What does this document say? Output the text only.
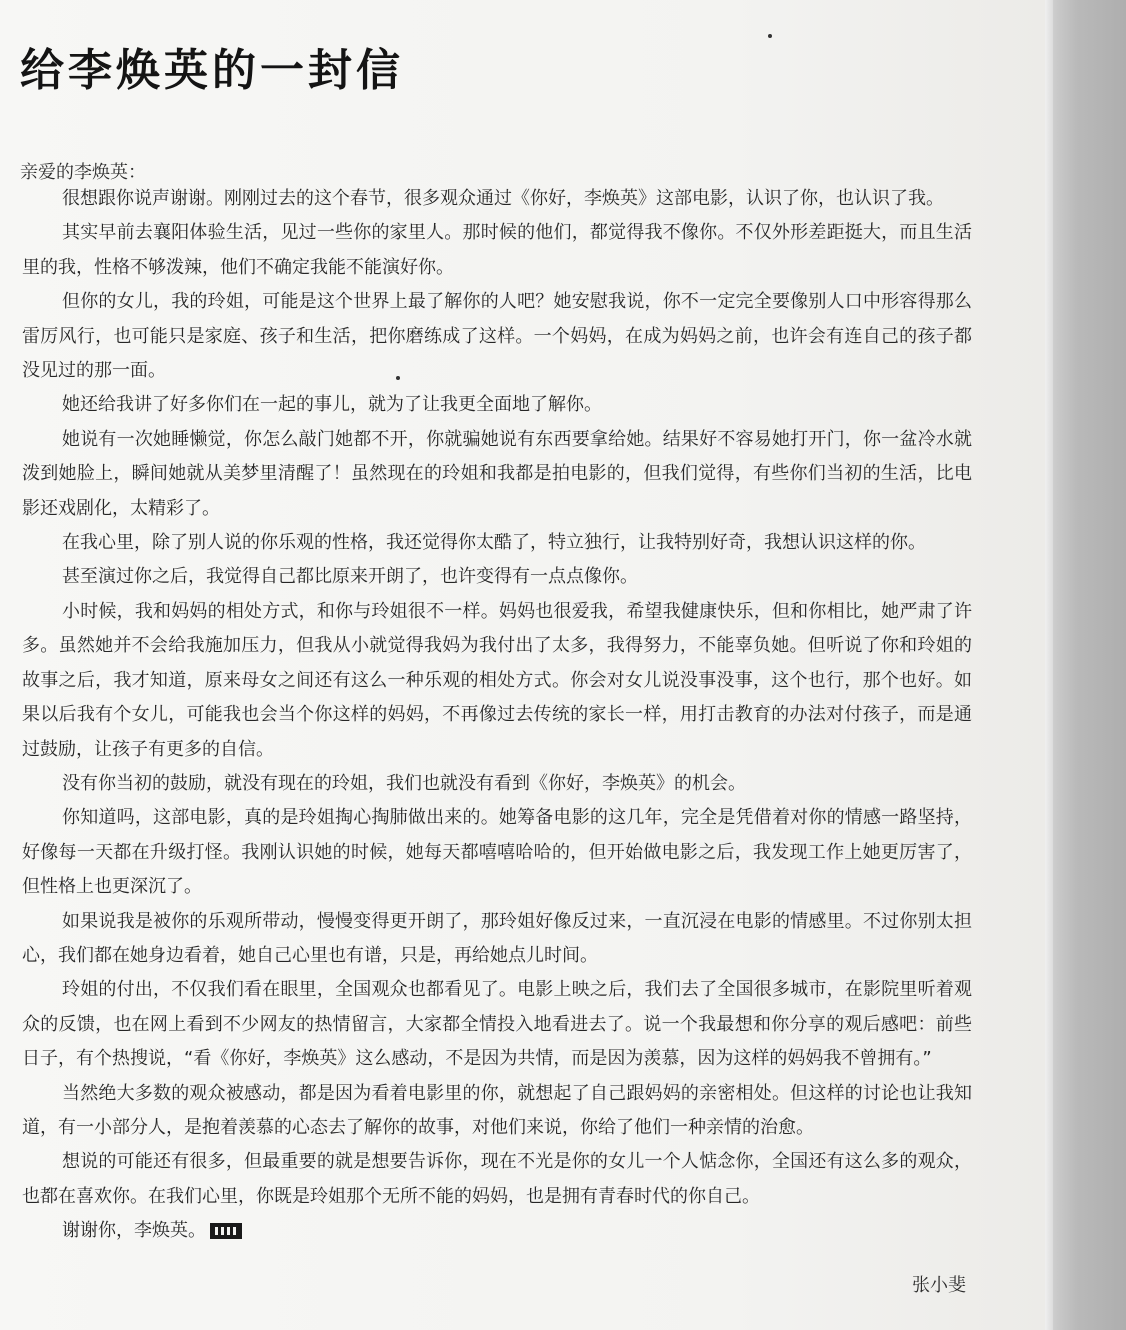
给李焕英的一封信
亲爱的李焕英：

很想跟你说声谢谢。刚刚过去的这个春节，很多观众通过《你好，李焕英》这部电影，认识了你，也认识了我。

其实早前去襄阳体验生活，见过一些你的家里人。那时候的他们，都觉得我不像你。不仅外形差距挺大，而且生活里的我，性格不够泼辣，他们不确定我能不能演好你。

但你的女儿，我的玲姐，可能是这个世界上最了解你的人吧？她安慰我说，你不一定完全要像别人口中形容得那么雷厉风行，也可能只是家庭、孩子和生活，把你磨练成了这样。一个妈妈，在成为妈妈之前，也许会有连自己的孩子都没见过的那一面。

她还给我讲了好多你们在一起的事儿，就为了让我更全面地了解你。

她说有一次她睡懒觉，你怎么敲门她都不开，你就骗她说有东西要拿给她。结果好不容易她打开门，你一盆冷水就泼到她脸上，瞬间她就从美梦里清醒了！虽然现在的玲姐和我都是拍电影的，但我们觉得，有些你们当初的生活，比电影还戏剧化，太精彩了。

在我心里，除了别人说的你乐观的性格，我还觉得你太酷了，特立独行，让我特别好奇，我想认识这样的你。

甚至演过你之后，我觉得自己都比原来开朗了，也许变得有一点点像你。

小时候，我和妈妈的相处方式，和你与玲姐很不一样。妈妈也很爱我，希望我健康快乐，但和你相比，她严肃了许多。虽然她并不会给我施加压力，但我从小就觉得我妈为我付出了太多，我得努力，不能辜负她。但听说了你和玲姐的故事之后，我才知道，原来母女之间还有这么一种乐观的相处方式。你会对女儿说没事没事，这个也行，那个也好。如果以后我有个女儿，可能我也会当个你这样的妈妈，不再像过去传统的家长一样，用打击教育的办法对付孩子，而是通过鼓励，让孩子有更多的自信。

没有你当初的鼓励，就没有现在的玲姐，我们也就没有看到《你好，李焕英》的机会。

你知道吗，这部电影，真的是玲姐掏心掏肺做出来的。她筹备电影的这几年，完全是凭借着对你的情感一路坚持，好像每一天都在升级打怪。我刚认识她的时候，她每天都嘻嘻哈哈的，但开始做电影之后，我发现工作上她更厉害了，但性格上也更深沉了。

如果说我是被你的乐观所带动，慢慢变得更开朗了，那玲姐好像反过来，一直沉浸在电影的情感里。不过你别太担心，我们都在她身边看着，她自己心里也有谱，只是，再给她点儿时间。

玲姐的付出，不仅我们看在眼里，全国观众也都看见了。电影上映之后，我们去了全国很多城市，在影院里听着观众的反馈，也在网上看到不少网友的热情留言，大家都全情投入地看进去了。说一个我最想和你分享的观后感吧：前些日子，有个热搜说，“看《你好，李焕英》这么感动，不是因为共情，而是因为羡慕，因为这样的妈妈我不曾拥有。”

当然绝大多数的观众被感动，都是因为看着电影里的你，就想起了自己跟妈妈的亲密相处。但这样的讨论也让我知道，有一小部分人，是抱着羡慕的心态去了解你的故事，对他们来说，你给了他们一种亲情的治愈。

想说的可能还有很多，但最重要的就是想要告诉你，现在不光是你的女儿一个人惦念你，全国还有这么多的观众，也都在喜欢你。在我们心里，你既是玲姐那个无所不能的妈妈，也是拥有青春时代的你自己。

谢谢你，李焕英。

张小斐
